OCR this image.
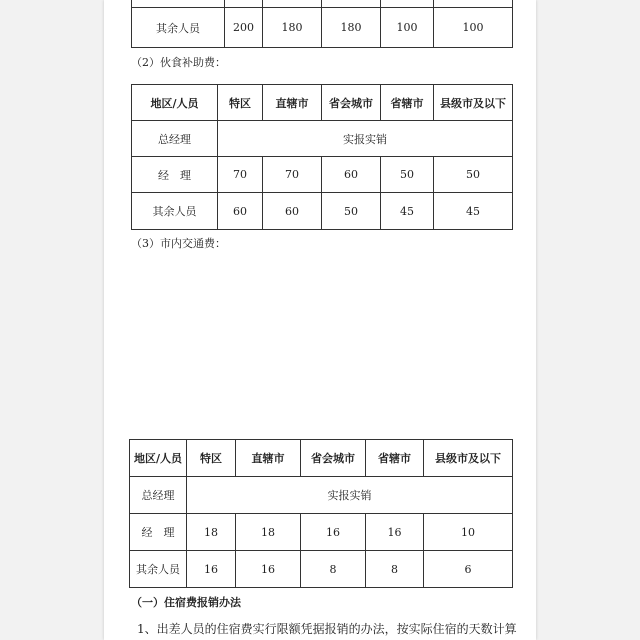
其余人员	200	180	180	100	100
（2）伙食补助费：
地区/人员	特区	直辖市	省会城市	省辖市	县级市及以下
总经理	实报实销				
经　理	70	70	60	50	50
其余人员	60	60	50	45	45
（3）市内交通费：
地区/人员	特区	直辖市	省会城市	省辖市	县级市及以下
总经理	实报实销				
经　理	18	18	16	16	10
其余人员	16	16	8	8	6
（一）住宿费报销办法
1、出差人员的住宿费实行限额凭据报销的办法，按实际住宿的天数计算
